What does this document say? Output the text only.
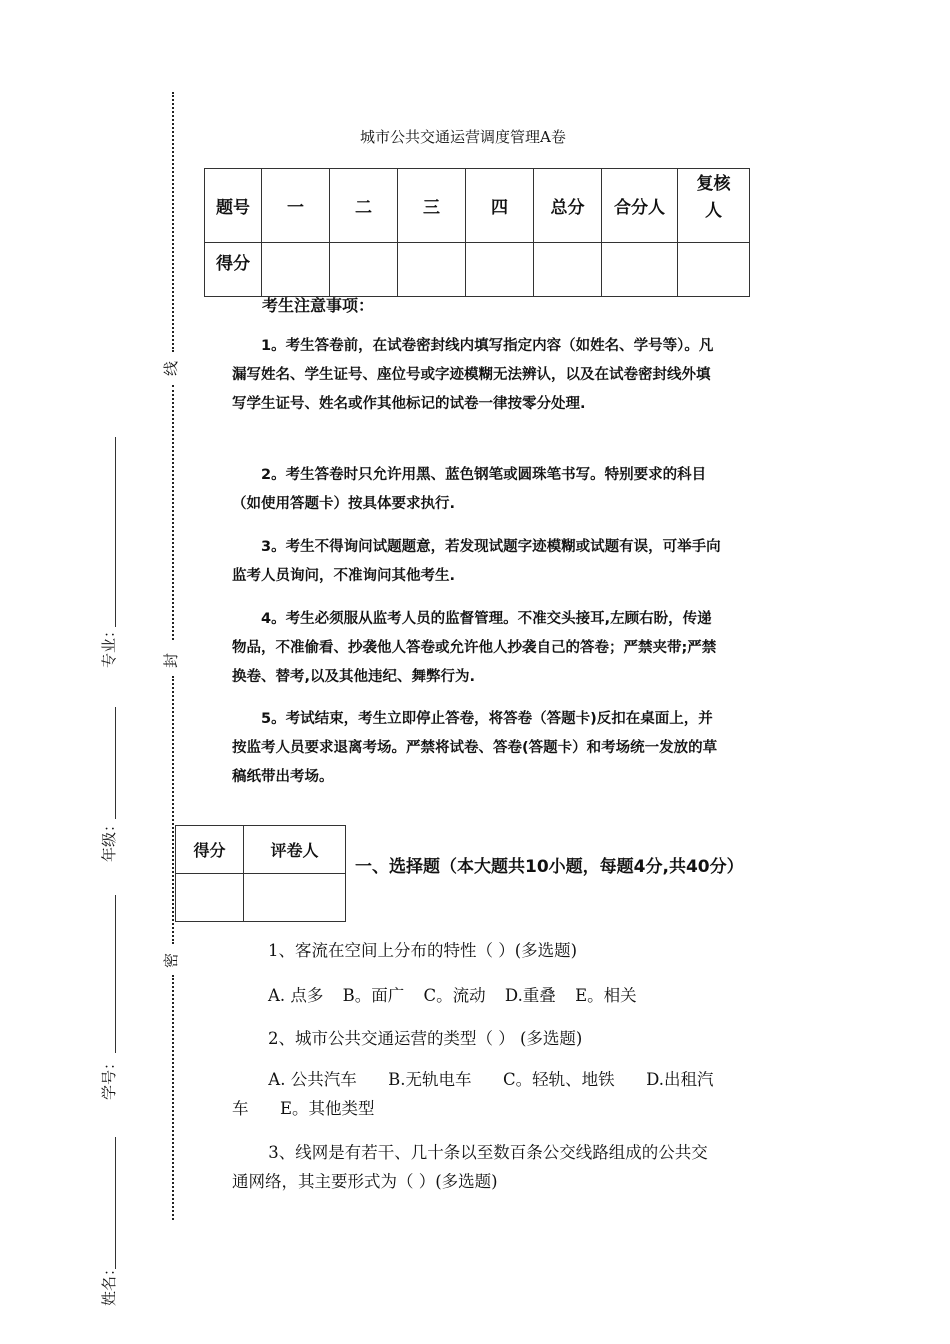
线
封
密
专业：
年级：
学号：
姓名：
城市公共交通运营调度管理A卷
题号	一	二	三	四	总分	合分人	复核人

得分							
考生注意事项：

1。考生答卷前，在试卷密封线内填写指定内容（如姓名、学号等）。凡漏写姓名、学生证号、座位号或字迹模糊无法辨认，以及在试卷密封线外填写学生证号、姓名或作其他标记的试卷一律按零分处理.

2。考生答卷时只允许用黑、蓝色钢笔或圆珠笔书写。特别要求的科目（如使用答题卡）按具体要求执行.

3。考生不得询问试题题意，若发现试题字迹模糊或试题有误，可举手向监考人员询问，不准询问其他考生.

4。考生必须服从监考人员的监督管理。不准交头接耳,左顾右盼，传递物品，不准偷看、抄袭他人答卷或允许他人抄袭自己的答卷；严禁夹带;严禁换卷、替考,以及其他违纪、舞弊行为.

5。考试结束，考生立即停止答卷，将答卷（答题卡)反扣在桌面上，并按监考人员要求退离考场。严禁将试卷、答卷(答题卡）和考场统一发放的草稿纸带出考场。

得分	评卷人

一、选择题（本大题共10小题，每题4分,共40分）
1、客流在空间上分布的特性（ ）(多选题)
A. 点多 B。面广 C。流动 D.重叠 E。相关
2、城市公共交通运营的类型（ ） (多选题)

A. 公共汽车      B.无轨电车      C。轻轨、地铁      D.出租汽车      E。其他类型

3、线网是有若干、几十条以至数百条公交线路组成的公共交通网络，其主要形式为（ ）(多选题)
